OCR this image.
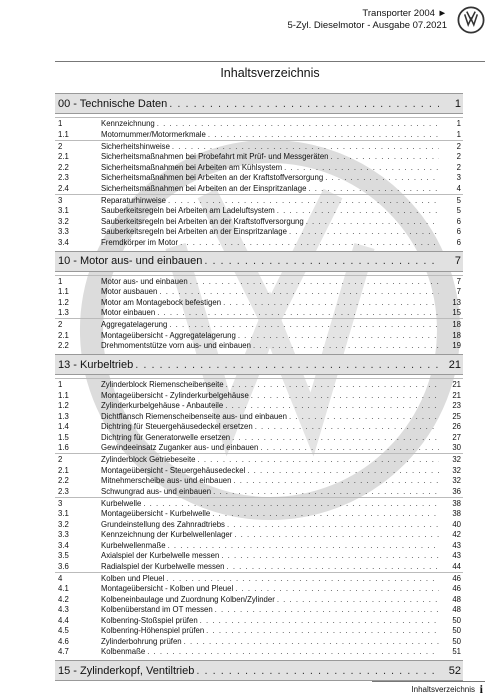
Transporter 2004 ►
5-Zyl. Dieselmotor - Ausgabe 07.2021
Inhaltsverzeichnis
00 - Technische Daten . . .	1
1	Kennzeichnung . . .	1
1.1	Motornummer/Motormerkmale . . .	1
2	Sicherheitshinweise . . .	2
2.1	Sicherheitsmaßnahmen bei Probefahrt mit Prüf- und Messgeräten . . .	2
2.2	Sicherheitsmaßnahmen bei Arbeiten am Kühlsystem . . .	2
2.3	Sicherheitsmaßnahmen bei Arbeiten an der Kraftstoffversorgung . . .	3
2.4	Sicherheitsmaßnahmen bei Arbeiten an der Einspritzanlage . . .	4
3	Reparaturhinweise . . .	5
3.1	Sauberkeitsregeln bei Arbeiten am Ladeluftsystem . . .	5
3.2	Sauberkeitsregeln bei Arbeiten an der Kraftstoffversorgung . . .	6
3.3	Sauberkeitsregeln bei Arbeiten an der Einspritzanlage . . .	6
3.4	Fremdkörper im Motor . . .	6
10 - Motor aus- und einbauen . . .	7
1	Motor aus- und einbauen . . .	7
1.1	Motor ausbauen . . .	7
1.2	Motor am Montagebock befestigen . . .	13
1.3	Motor einbauen . . .	15
2	Aggregatelagerung . . .	18
2.1	Montageübersicht - Aggregatelagerung . . .	18
2.2	Drehmomentstütze vorn aus- und einbauen . . .	19
13 - Kurbeltrieb . . .	21
1	Zylinderblock Riemenscheibenseite . . .	21
1.1	Montageübersicht - Zylinderkurbelgehäuse . . .	21
1.2	Zylinderkurbelgehäuse - Anbauteile . . .	23
1.3	Dichtflansch Riemenscheibenseite aus- und einbauen . . .	25
1.4	Dichtring für Steuergehäusedeckel ersetzen . . .	26
1.5	Dichtring für Generatorwelle ersetzen . . .	27
1.6	Gewindeeinsatz Zuganker aus- und einbauen . . .	30
2	Zylinderblock Getriebeseite . . .	32
2.1	Montageübersicht - Steuergehäusedeckel . . .	32
2.2	Mitnehmerscheibe aus- und einbauen . . .	32
2.3	Schwungrad aus- und einbauen . . .	36
3	Kurbelwelle . . .	38
3.1	Montageübersicht - Kurbelwelle . . .	38
3.2	Grundeinstellung des Zahnradtriebs . . .	40
3.3	Kennzeichnung der Kurbelwellenlager . . .	42
3.4	Kurbelwellenmaße . . .	43
3.5	Axialspiel der Kurbelwelle messen . . .	43
3.6	Radialspiel der Kurbelwelle messen . . .	44
4	Kolben und Pleuel . . .	46
4.1	Montageübersicht - Kolben und Pleuel . . .	46
4.2	Kolbeneinbaulage und Zuordnung Kolben/Zylinder . . .	48
4.3	Kolbenüberstand im OT messen . . .	48
4.4	Kolbenring-Stoßspiel prüfen . . .	50
4.5	Kolbenring-Höhenspiel prüfen . . .	50
4.6	Zylinderbohrung prüfen . . .	50
4.7	Kolbenmaße . . .	51
15 - Zylinderkopf, Ventiltrieb . . .	52
Inhaltsverzeichnis i
